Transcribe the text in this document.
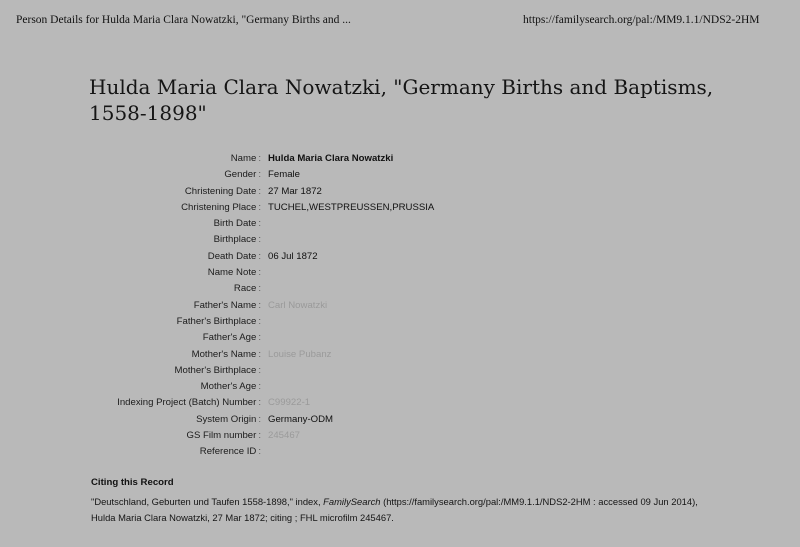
Person Details for Hulda Maria Clara Nowatzki, "Germany Births and ...	https://familysearch.org/pal:/MM9.1.1/NDS2-2HM
Hulda Maria Clara Nowatzki, "Germany Births and Baptisms, 1558-1898"
Name :	Hulda Maria Clara Nowatzki
Gender :	Female
Christening Date :	27 Mar 1872
Christening Place :	TUCHEL,WESTPREUSSEN,PRUSSIA
Birth Date :
Birthplace :
Death Date :	06 Jul 1872
Name Note :
Race :
Father's Name :	Carl Nowatzki
Father's Birthplace :
Father's Age :
Mother's Name :	Louise Pubanz
Mother's Birthplace :
Mother's Age :
Indexing Project (Batch) Number :	C99922-1
System Origin :	Germany-ODM
GS Film number :	245467
Reference ID :
Citing this Record
"Deutschland, Geburten und Taufen 1558-1898," index, FamilySearch (https://familysearch.org/pal:/MM9.1.1/NDS2-2HM : accessed 09 Jun 2014), Hulda Maria Clara Nowatzki, 27 Mar 1872; citing ; FHL microfilm 245467.
